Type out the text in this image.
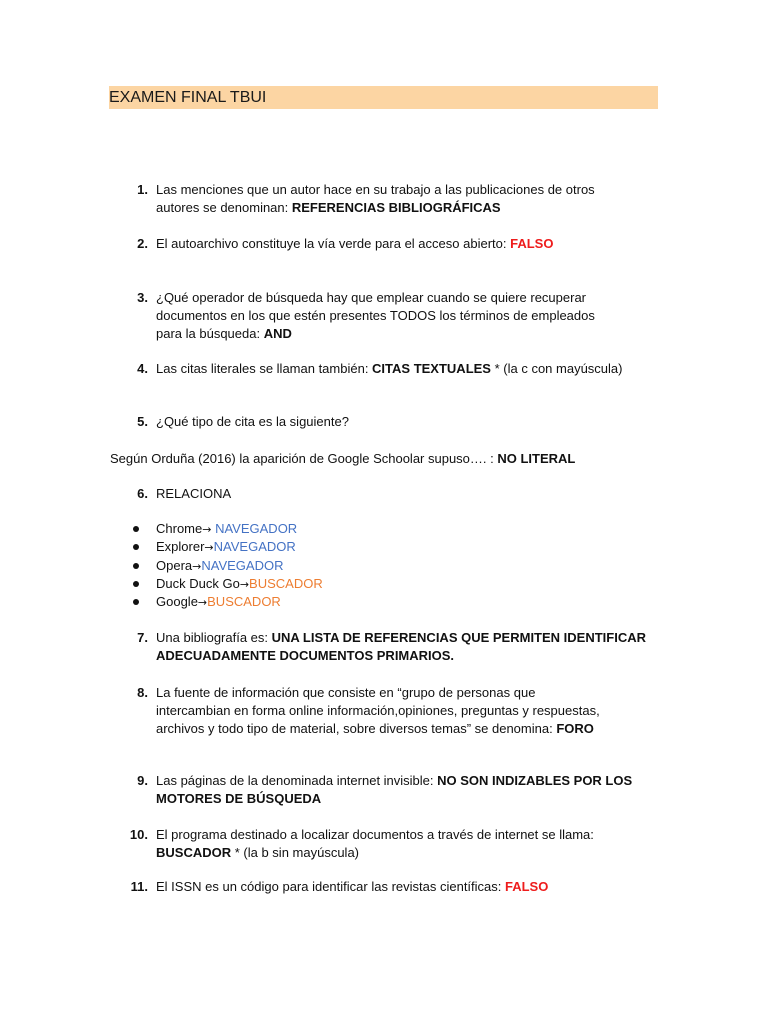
EXAMEN FINAL TBUI
1. Las menciones que un autor hace en su trabajo a las publicaciones de otros
autores se denominan: REFERENCIAS BIBLIOGRÁFICAS
2. El autoarchivo constituye la vía verde para el acceso abierto: FALSO
3. ¿Qué operador de búsqueda hay que emplear cuando se quiere recuperar
documentos en los que estén presentes TODOS los términos de empleados
para la búsqueda: AND
4. Las citas literales se llaman también: CITAS TEXTUALES * (la c con mayúscula)
5. ¿Qué tipo de cita es la siguiente?
Según Orduña (2016) la aparición de Google Schoolar supuso…. : NO LITERAL
6. RELACIONA
Chrome→ NAVEGADOR
Explorer→NAVEGADOR
Opera→NAVEGADOR
Duck Duck Go→BUSCADOR
Google→BUSCADOR
7. Una bibliografía es: UNA LISTA DE REFERENCIAS QUE PERMITEN IDENTIFICAR
ADECUADAMENTE DOCUMENTOS PRIMARIOS.
8. La fuente de información que consiste en “grupo de personas que
intercambian en forma online información,opiniones, preguntas y respuestas,
archivos y todo tipo de material, sobre diversos temas” se denomina: FORO
9. Las páginas de la denominada internet invisible: NO SON INDIZABLES POR LOS
MOTORES DE BÚSQUEDA
10. El programa destinado a localizar documentos a través de internet se llama:
BUSCADOR * (la b sin mayúscula)
11. El ISSN es un código para identificar las revistas científicas: FALSO
